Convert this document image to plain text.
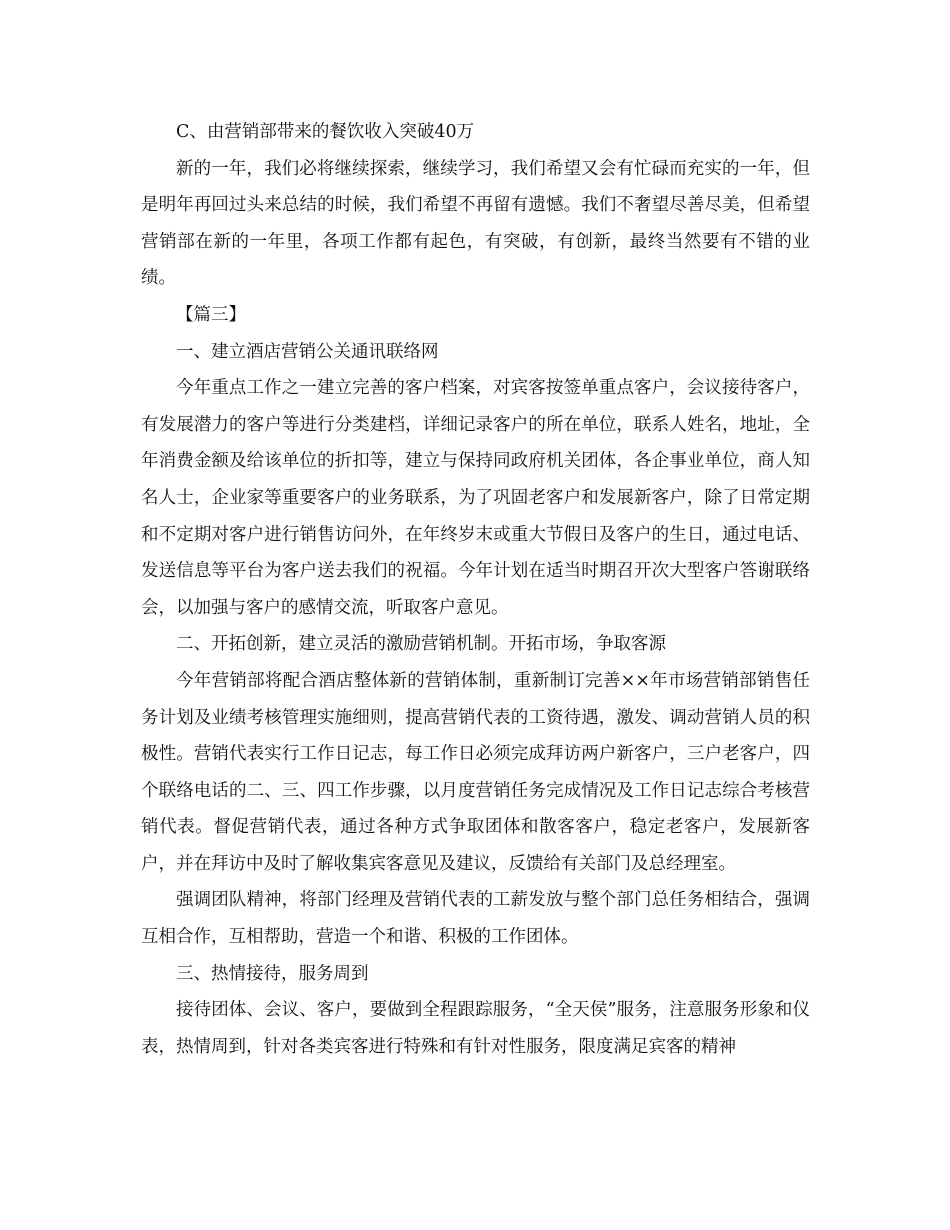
C、由营销部带来的餐饮收入突破40万

新的一年，我们必将继续探索，继续学习，我们希望又会有忙碌而充实的一年，但是明年再回过头来总结的时候，我们希望不再留有遗憾。我们不奢望尽善尽美，但希望营销部在新的一年里，各项工作都有起色，有突破，有创新，最终当然要有不错的业绩。

【篇三】

一、建立酒店营销公关通讯联络网

今年重点工作之一建立完善的客户档案，对宾客按签单重点客户，会议接待客户，有发展潜力的客户等进行分类建档，详细记录客户的所在单位，联系人姓名，地址，全年消费金额及给该单位的折扣等，建立与保持同政府机关团体，各企事业单位，商人知名人士，企业家等重要客户的业务联系，为了巩固老客户和发展新客户，除了日常定期和不定期对客户进行销售访问外，在年终岁末或重大节假日及客户的生日，通过电话、发送信息等平台为客户送去我们的祝福。今年计划在适当时期召开次大型客户答谢联络会，以加强与客户的感情交流，听取客户意见。

二、开拓创新，建立灵活的激励营销机制。开拓市场，争取客源

今年营销部将配合酒店整体新的营销体制，重新制订完善××年市场营销部销售任务计划及业绩考核管理实施细则，提高营销代表的工资待遇，激发、调动营销人员的积极性。营销代表实行工作日记志，每工作日必须完成拜访两户新客户，三户老客户，四个联络电话的二、三、四工作步骤，以月度营销任务完成情况及工作日记志综合考核营销代表。督促营销代表，通过各种方式争取团体和散客客户，稳定老客户，发展新客户，并在拜访中及时了解收集宾客意见及建议，反馈给有关部门及总经理室。

强调团队精神，将部门经理及营销代表的工薪发放与整个部门总任务相结合，强调互相合作，互相帮助，营造一个和谐、积极的工作团体。

三、热情接待，服务周到

接待团体、会议、客户，要做到全程跟踪服务，“全天侯”服务，注意服务形象和仪表，热情周到，针对各类宾客进行特殊和有针对性服务，限度满足宾客的精神
